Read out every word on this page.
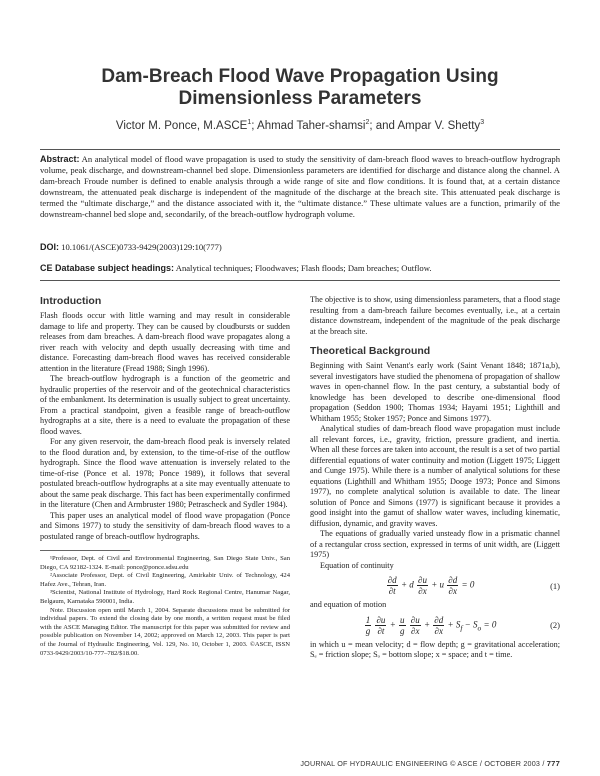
Dam-Breach Flood Wave Propagation Using
Dimensionless Parameters
Victor M. Ponce, M.ASCE$^1$; Ahmad Taher-shamsi$^2$; and Ampar V. Shetty$^3$

Abstract: An analytical model of flood wave propagation is used to study the sensitivity of dam-breach flood waves to breach-outflow hydrograph volume, peak discharge, and downstream-channel bed slope. Dimensionless parameters are identified for discharge and distance along the channel. A dam-breach Froude number is defined to enable analysis through a wide range of site and flow conditions. It is found that, at a certain distance downstream, the attenuated peak discharge is independent of the magnitude of the discharge at the breach site. This attenuated peak discharge is termed the “ultimate discharge,” and the distance associated with it, the “ultimate distance.” These ultimate values are a function, primarily of the downstream-channel bed slope and, secondarily, of the breach-outflow hydrograph volume.

DOI: 10.1061/(ASCE)0733-9429(2003)129:10(777)

CE Database subject headings: Analytical techniques; Floodwaves; Flash floods; Dam breaches; Outflow.

Introduction

Flash floods occur with little warning and may result in considerable damage to life and property. They can be caused by cloudbursts or sudden releases from dam breaches. A dam-breach flood wave propagates along a river reach with velocity and depth usually decreasing with time and distance. Forecasting dam-breach flood waves has received considerable attention in the literature (Fread 1988; Singh 1996).

The breach-outflow hydrograph is a function of the geometric and hydraulic properties of the reservoir and of the geotechnical characteristics of the embankment. Its determination is usually subject to great uncertainty. From a practical standpoint, given a feasible range of breach-outflow hydrographs at a site, there is a need to evaluate the propagation of these flood waves.

For any given reservoir, the dam-breach flood peak is inversely related to the flood duration and, by extension, to the time-of-rise of the outflow hydrograph. Since the flood wave attenuation is inversely related to the time-of-rise (Ponce et al. 1978; Ponce 1989), it follows that several postulated breach-outflow hydrographs at a site may eventually attenuate to about the same peak discharge. This fact has been experimentally confirmed in the literature (Chen and Armbruster 1980; Petrascheck and Sydler 1984).

This paper uses an analytical model of flood wave propagation (Ponce and Simons 1977) to study the sensitivity of dam-breach flood waves to a postulated range of breach-outflow hydrographs.

¹Professor, Dept. of Civil and Environmental Engineering, San Diego State Univ., San Diego, CA 92182-1324. E-mail: ponce@ponce.sdsu.edu

²Associate Professor, Dept. of Civil Engineering, Amirkabir Univ. of Technology, 424 Hafez Ave., Tehran, Iran.

³Scientist, National Institute of Hydrology, Hard Rock Regional Centre, Hanumar Nagar, Belgaum, Karnataka 590001, India.

Note. Discussion open until March 1, 2004. Separate discussions must be submitted for individual papers. To extend the closing date by one month, a written request must be filed with the ASCE Managing Editor. The manuscript for this paper was submitted for review and possible publication on November 14, 2002; approved on March 12, 2003. This paper is part of the Journal of Hydraulic Engineering, Vol. 129, No. 10, October 1, 2003. ©ASCE, ISSN 0733-9429/2003/10-777–782/$18.00.

The objective is to show, using dimensionless parameters, that a flood stage resulting from a dam-breach failure becomes eventually, i.e., at a certain distance downstream, independent of the magnitude of the peak discharge at the breach site.

Theoretical Background

Beginning with Saint Venant's early work (Saint Venant 1848; 1871a,b), several investigators have studied the phenomena of propagation of shallow waves in open-channel flow. In the past century, a substantial body of knowledge has been developed to describe one-dimensional flood propagation (Seddon 1900; Thomas 1934; Hayami 1951; Lighthill and Whitham 1955; Stoker 1957; Ponce and Simons 1977).

Analytical studies of dam-breach flood wave propagation must include all relevant forces, i.e., gravity, friction, pressure gradient, and inertia. When all these forces are taken into account, the result is a set of two partial differential equations of water continuity and motion (Liggett 1975; Liggett and Cunge 1975). While there is a number of analytical solutions for these equations (Lighthill and Whitham 1955; Dooge 1973; Ponce and Simons 1977), no complete analytical solution is available to date. The linear solution of Ponce and Simons (1977) is significant because it provides a good insight into the gamut of shallow water waves, including kinematic, diffusion, dynamic, and gravity waves.

The equations of gradually varied unsteady flow in a prismatic channel of a rectangular cross section, expressed in terms of unit width, are (Liggett 1975)

Equation of continuity

$\frac{\partial d}{\partial t} + d \frac{\partial u}{\partial x} + u \frac{\partial d}{\partial x} = 0$	(1)

and equation of motion

$\frac{1}{g}$
$\frac{\partial u}{\partial t} + \frac{u}{g}$
$\frac{\partial u}{\partial x} + \frac{\partial d}{\partial x} + S_f - S_o = 0$	(2)

in which u = mean velocity; d = flow depth; g = gravitational acceleration; Sₑ = friction slope; Sₒ = bottom slope; x = space; and t = time.

JOURNAL OF HYDRAULIC ENGINEERING © ASCE / OCTOBER 2003 / 777
